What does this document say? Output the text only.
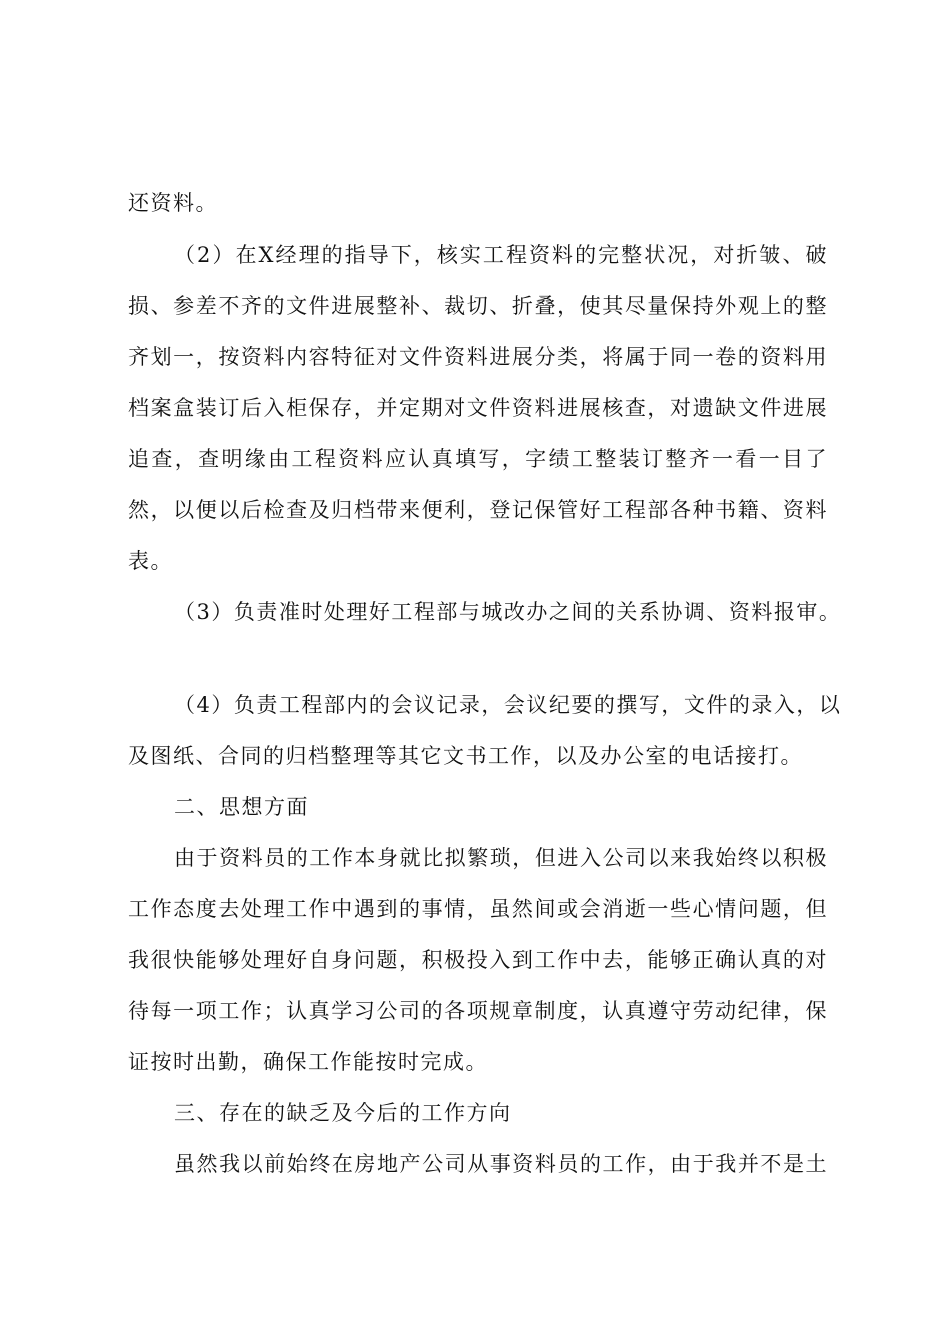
还资料。
（2）在X经理的指导下，核实工程资料的完整状况，对折皱、破
损、参差不齐的文件进展整补、裁切、折叠，使其尽量保持外观上的整
齐划一，按资料内容特征对文件资料进展分类，将属于同一卷的资料用
档案盒装订后入柜保存，并定期对文件资料进展核查，对遗缺文件进展
追查，查明缘由工程资料应认真填写，字绩工整装订整齐一看一目了
然，以便以后检查及归档带来便利，登记保管好工程部各种书籍、资料
表。
（3）负责准时处理好工程部与城改办之间的关系协调、资料报审。
（4）负责工程部内的会议记录，会议纪要的撰写，文件的录入，以
及图纸、合同的归档整理等其它文书工作，以及办公室的电话接打。
二、思想方面
由于资料员的工作本身就比拟繁琐，但进入公司以来我始终以积极
工作态度去处理工作中遇到的事情，虽然间或会消逝一些心情问题，但
我很快能够处理好自身问题，积极投入到工作中去，能够正确认真的对
待每一项工作；认真学习公司的各项规章制度，认真遵守劳动纪律，保
证按时出勤，确保工作能按时完成。
三、存在的缺乏及今后的工作方向
虽然我以前始终在房地产公司从事资料员的工作，由于我并不是土
